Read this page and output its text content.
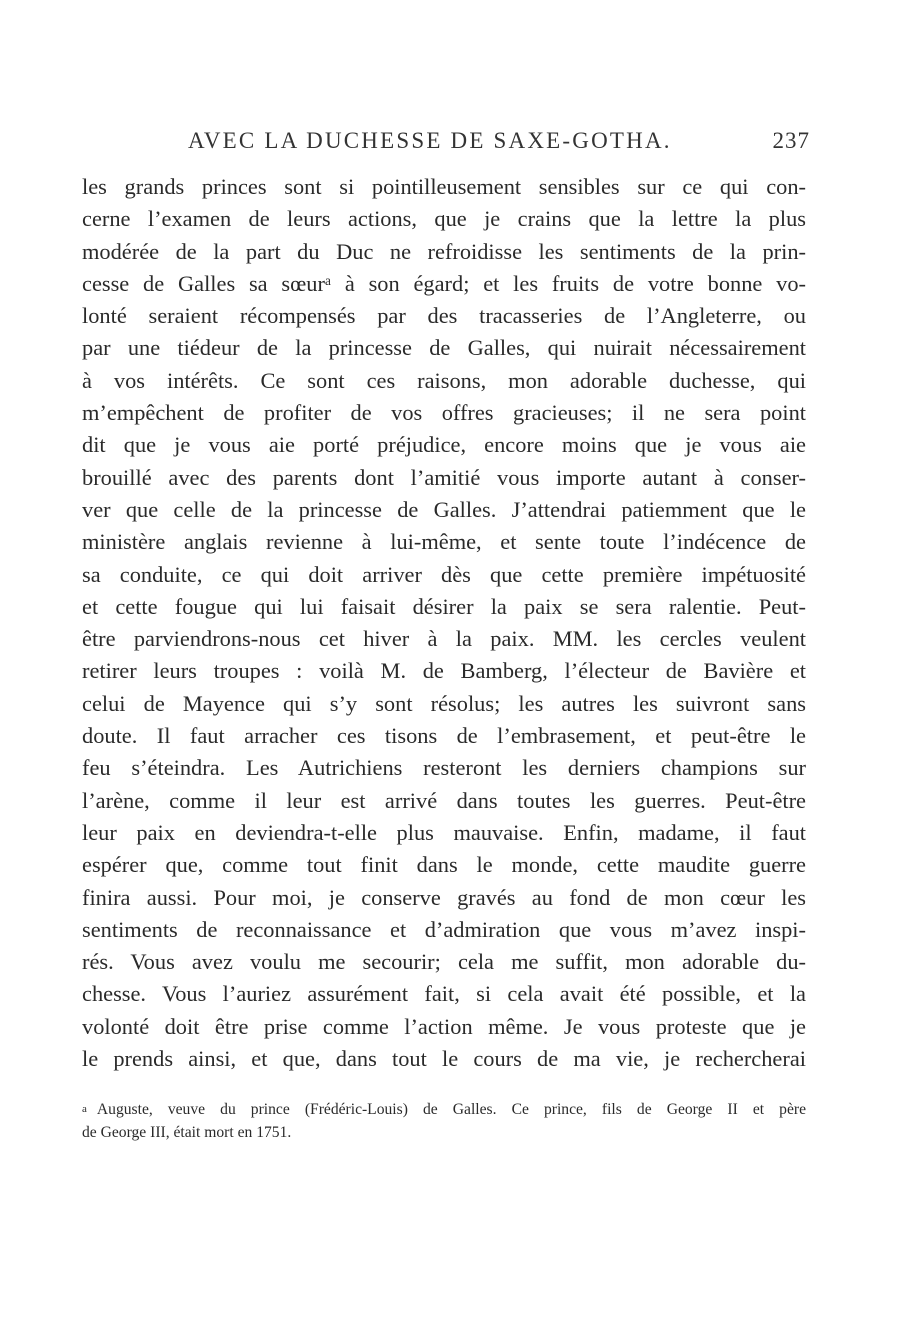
AVEC LA DUCHESSE DE SAXE-GOTHA.	237
les grands princes sont si pointilleusement sensibles sur ce qui con-
cerne l’examen de leurs actions, que je crains que la lettre la plus
modérée de la part du Duc ne refroidisse les sentiments de la prin-
cesse de Galles sa sœurᵃ à son égard; et les fruits de votre bonne vo-
lonté seraient récompensés par des tracasseries de l’Angleterre, ou
par une tiédeur de la princesse de Galles, qui nuirait nécessairement
à vos intérêts. Ce sont ces raisons, mon adorable duchesse, qui
m’empêchent de profiter de vos offres gracieuses; il ne sera point
dit que je vous aie porté préjudice, encore moins que je vous aie
brouillé avec des parents dont l’amitié vous importe autant à conser-
ver que celle de la princesse de Galles. J’attendrai patiemment que le
ministère anglais revienne à lui-même, et sente toute l’indécence de
sa conduite, ce qui doit arriver dès que cette première impétuosité
et cette fougue qui lui faisait désirer la paix se sera ralentie. Peut-
être parviendrons-nous cet hiver à la paix. MM. les cercles veulent
retirer leurs troupes : voilà M. de Bamberg, l’électeur de Bavière et
celui de Mayence qui s’y sont résolus; les autres les suivront sans
doute. Il faut arracher ces tisons de l’embrasement, et peut-être le
feu s’éteindra. Les Autrichiens resteront les derniers champions sur
l’arène, comme il leur est arrivé dans toutes les guerres. Peut-être
leur paix en deviendra-t-elle plus mauvaise. Enfin, madame, il faut
espérer que, comme tout finit dans le monde, cette maudite guerre
finira aussi. Pour moi, je conserve gravés au fond de mon cœur les
sentiments de reconnaissance et d’admiration que vous m’avez inspi-
rés. Vous avez voulu me secourir; cela me suffit, mon adorable du-
chesse. Vous l’auriez assurément fait, si cela avait été possible, et la
volonté doit être prise comme l’action même. Je vous proteste que je
le prends ainsi, et que, dans tout le cours de ma vie, je rechercherai
a Auguste, veuve du prince (Frédéric-Louis) de Galles. Ce prince, fils de George II et père
de George III, était mort en 1751.
